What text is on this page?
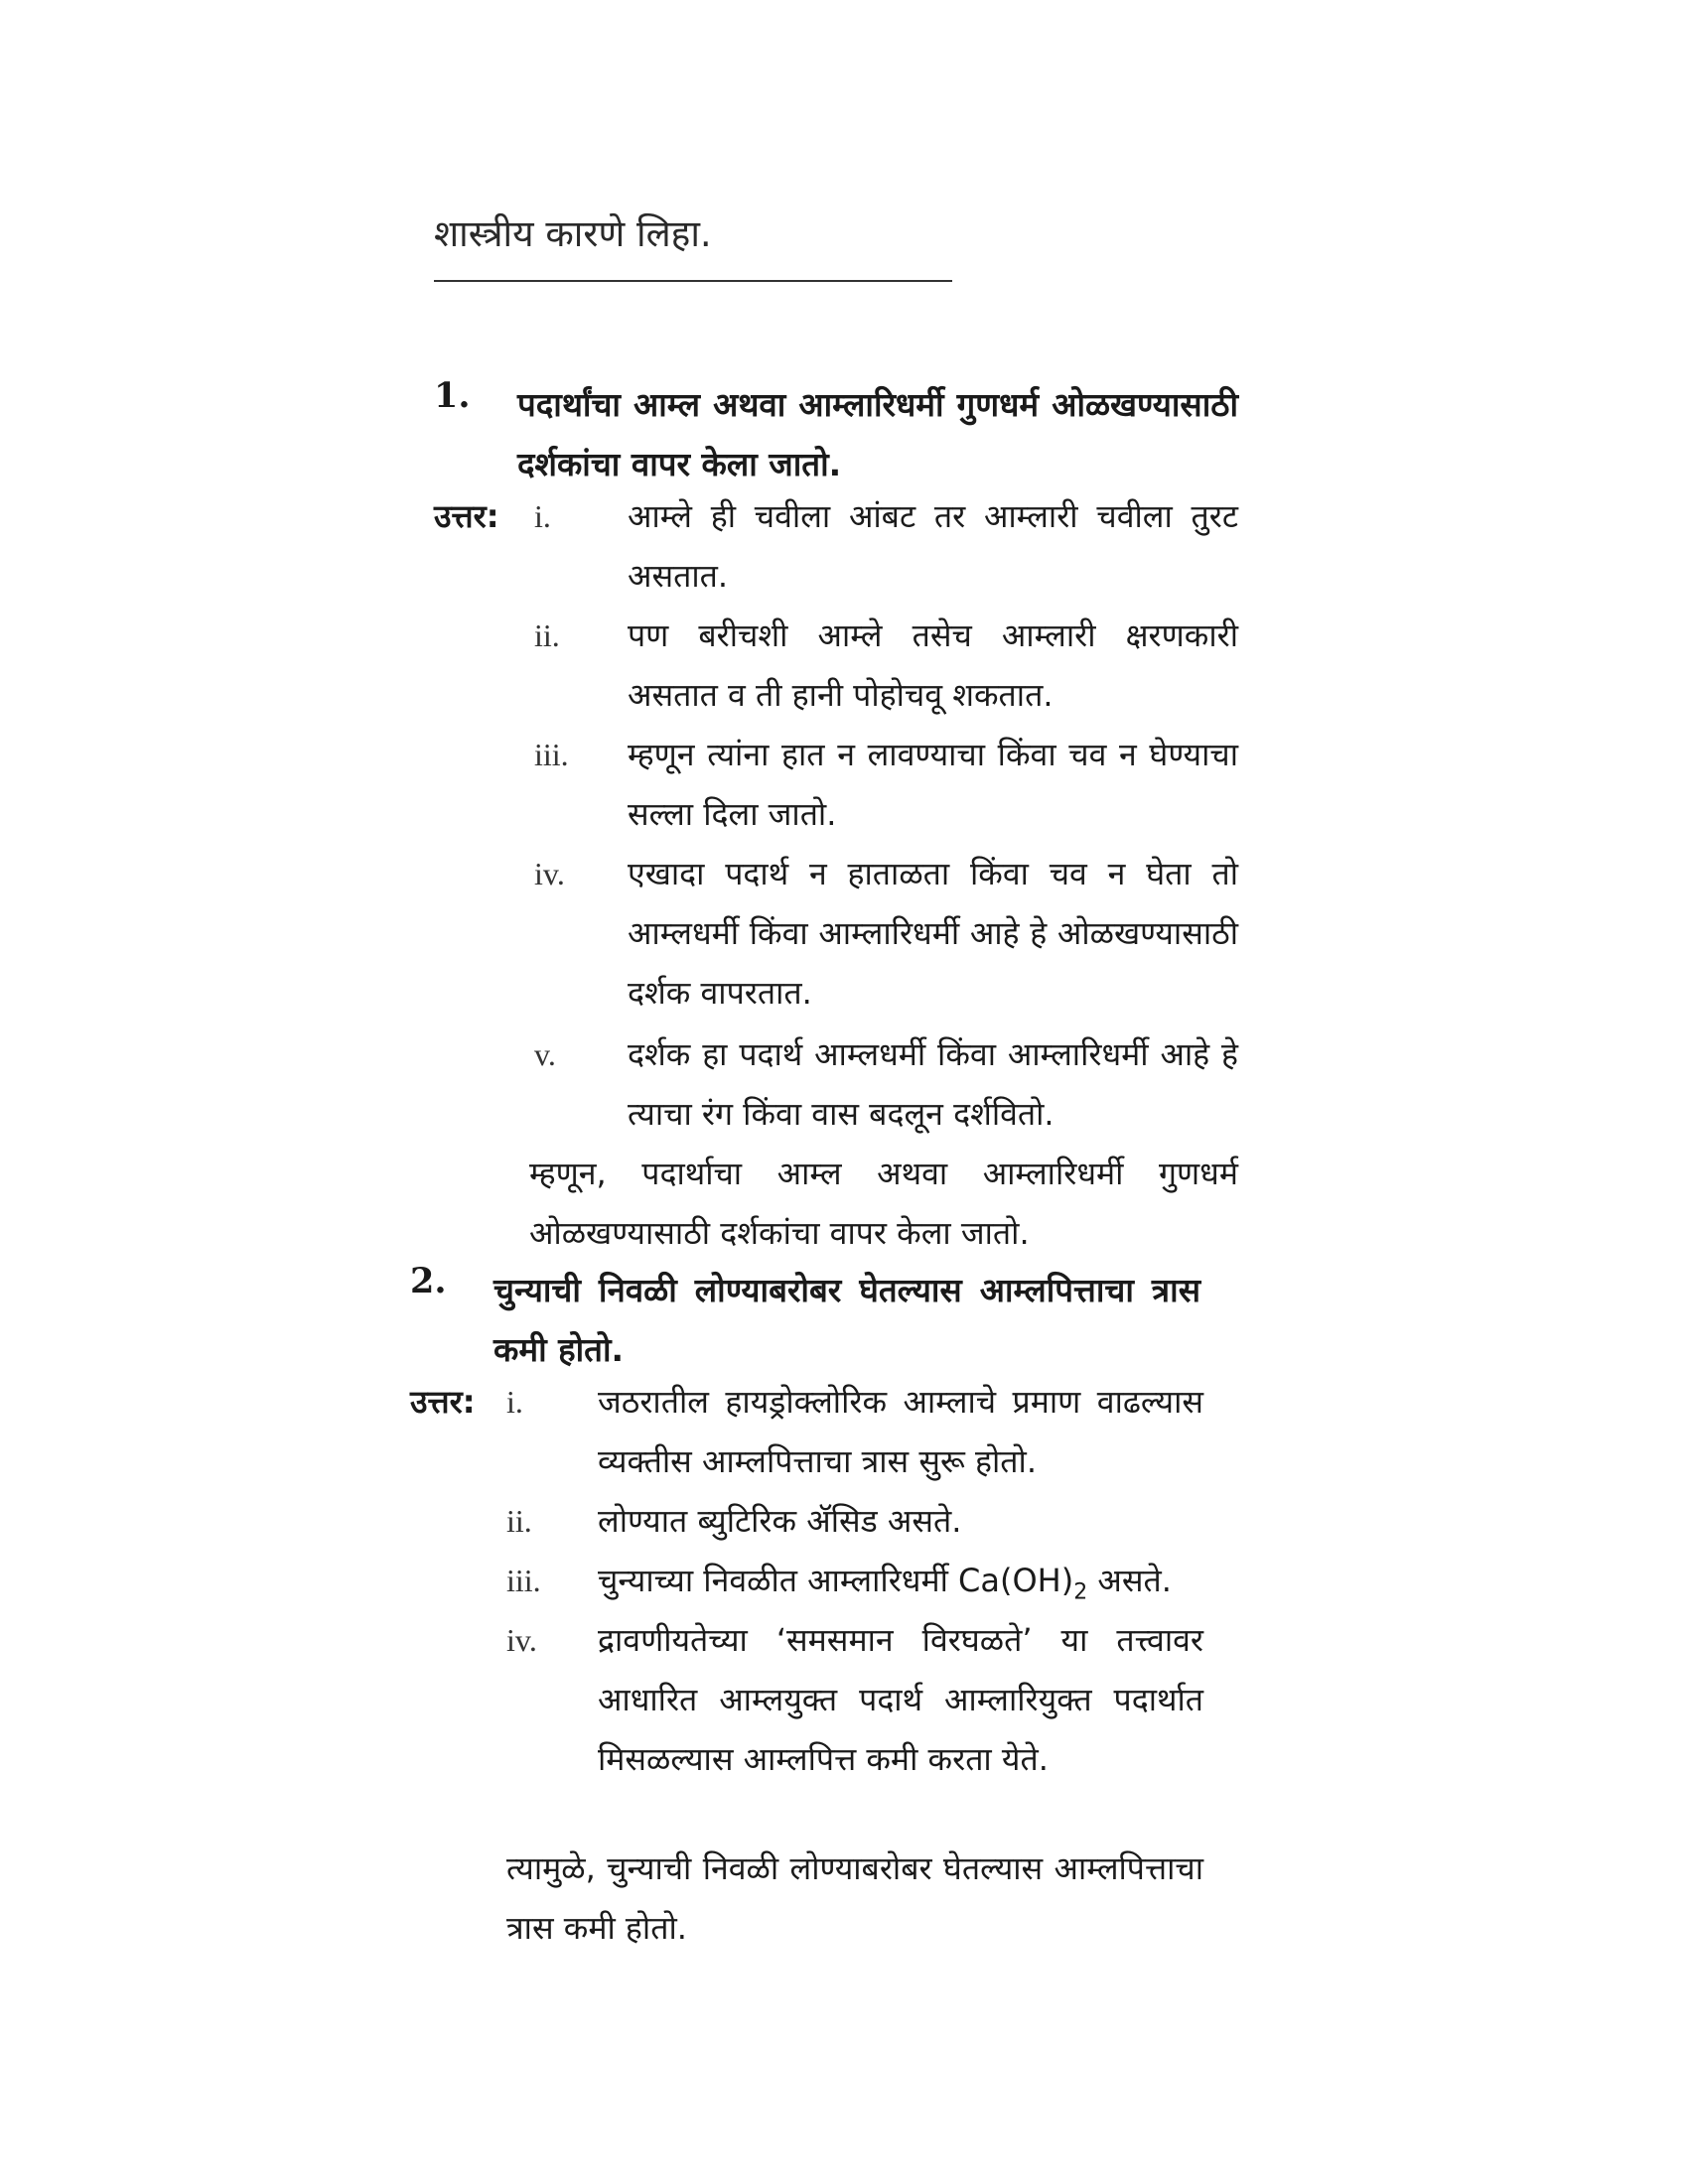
शास्त्रीय कारणे लिहा.
1.	पदार्थांचा आम्ल अथवा आम्लारिधर्मी गुणधर्म ओळखण्यासाठी दर्शकांचा वापर केला जातो.
उत्तर: i. आम्ले ही चवीला आंबट तर आम्लारी चवीला तुरट असतात.
ii. पण बरीचशी आम्ले तसेच आम्लारी क्षरणकारी असतात व ती हानी पोहोचवू शकतात.
iii. म्हणून त्यांना हात न लावण्याचा किंवा चव न घेण्याचा सल्ला दिला जातो.
iv. एखादा पदार्थ न हाताळता किंवा चव न घेता तो आम्लधर्मी किंवा आम्लारिधर्मी आहे हे ओळखण्यासाठी दर्शक वापरतात.
v. दर्शक हा पदार्थ आम्लधर्मी किंवा आम्लारिधर्मी आहे हे त्याचा रंग किंवा वास बदलून दर्शवितो.
म्हणून, पदार्थाचा आम्ल अथवा आम्लारिधर्मी गुणधर्म ओळखण्यासाठी दर्शकांचा वापर केला जातो.
2.	चुन्याची निवळी लोण्याबरोबर घेतल्यास आम्लपित्ताचा त्रास कमी होतो.
उत्तर: i. जठरातील हायड्रोक्लोरिक आम्लाचे प्रमाण वाढल्यास व्यक्तीस आम्लपित्ताचा त्रास सुरू होतो.
ii. लोण्यात ब्युटिरिक ॲसिड असते.
iii. चुन्याच्या निवळीत आम्लारिधर्मी $Ca(OH)_2$ असते.
iv. द्रावणीयतेच्या ‘समसमान विरघळते’ या तत्त्वावर आधारित आम्लयुक्त पदार्थ आम्लारियुक्त पदार्थात मिसळल्यास आम्लपित्त कमी करता येते.
त्यामुळे, चुन्याची निवळी लोण्याबरोबर घेतल्यास आम्लपित्ताचा त्रास कमी होतो.
